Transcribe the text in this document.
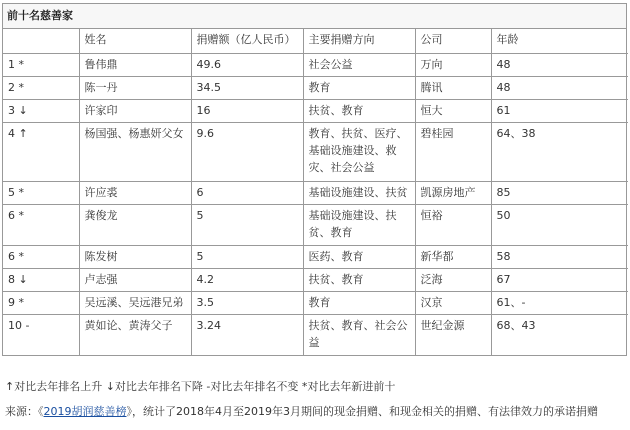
前十名慈善家
	姓名	捐赠额（亿人民币）	主要捐赠方向	公司	年龄
1 *	鲁伟鼎	49.6	社会公益	万向	48
2 *	陈一丹	34.5	教育	腾讯	48
3 ↓	许家印	16	扶贫、教育	恒大	61
4 ↑	杨国强、杨惠妍父女	9.6	教育、扶贫、医疗、基础设施建设、救灾、社会公益	碧桂园	64、38
5 *	许应裘	6	基础设施建设、扶贫	凯源房地产	85
6 *	龚俊龙	5	基础设施建设、扶贫、教育	恒裕	50
6 *	陈发树	5	医药、教育	新华都	58
8 ↓	卢志强	4.2	扶贫、教育	泛海	67
9 *	吴远溪、吴远港兄弟	3.5	教育	汉京	61、-
10 -	黄如论、黄涛父子	3.24	扶贫、教育、社会公益	世纪金源	68、43
↑对比去年排名上升 ↓对比去年排名下降 -对比去年排名不变 *对比去年新进前十
来源：《2019胡润慈善榜》，统计了2018年4月至2019年3月期间的现金捐赠、和现金相关的捐赠、有法律效力的承诺捐赠
